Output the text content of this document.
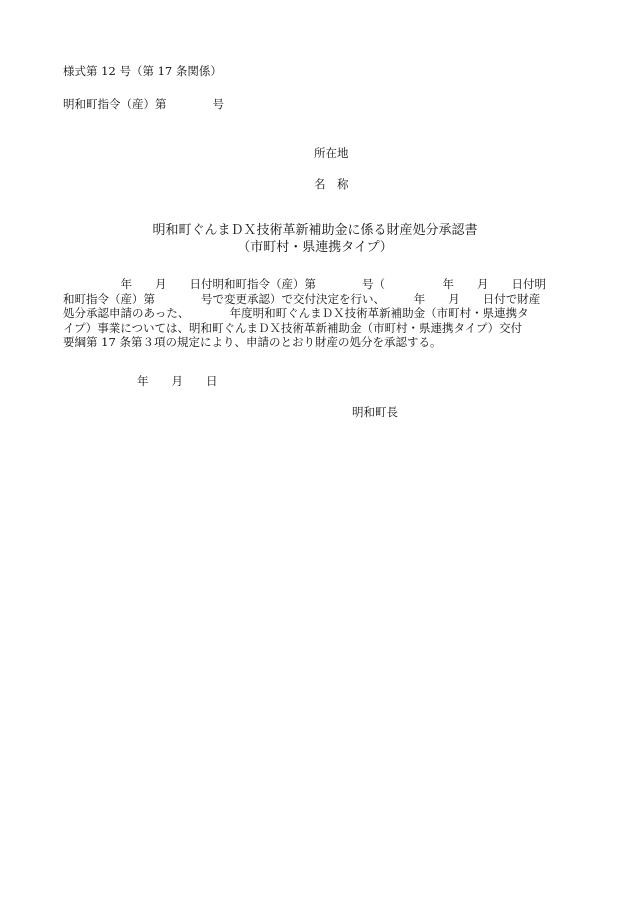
様式第 12 号（第 17 条関係）
明和町指令（産）第　　　　号
所在地
名　称
明和町ぐんまＤＸ技術革新補助金に係る財産処分承認書
（市町村・県連携タイプ）
　　　　　年　　月　　日付明和町指令（産）第　　　　号（　　　　　年　　月　　日付明
和町指令（産）第　　　　号で変更承認）で交付決定を行い、　　　年　　月　　日付で財産
処分承認申請のあった、　　　　年度明和町ぐんまＤＸ技術革新補助金（市町村・県連携タ
イプ）事業については、明和町ぐんまＤＸ技術革新補助金（市町村・県連携タイプ）交付
要綱第 17 条第３項の規定により、申請のとおり財産の処分を承認する。
年　　月　　日
明和町長
